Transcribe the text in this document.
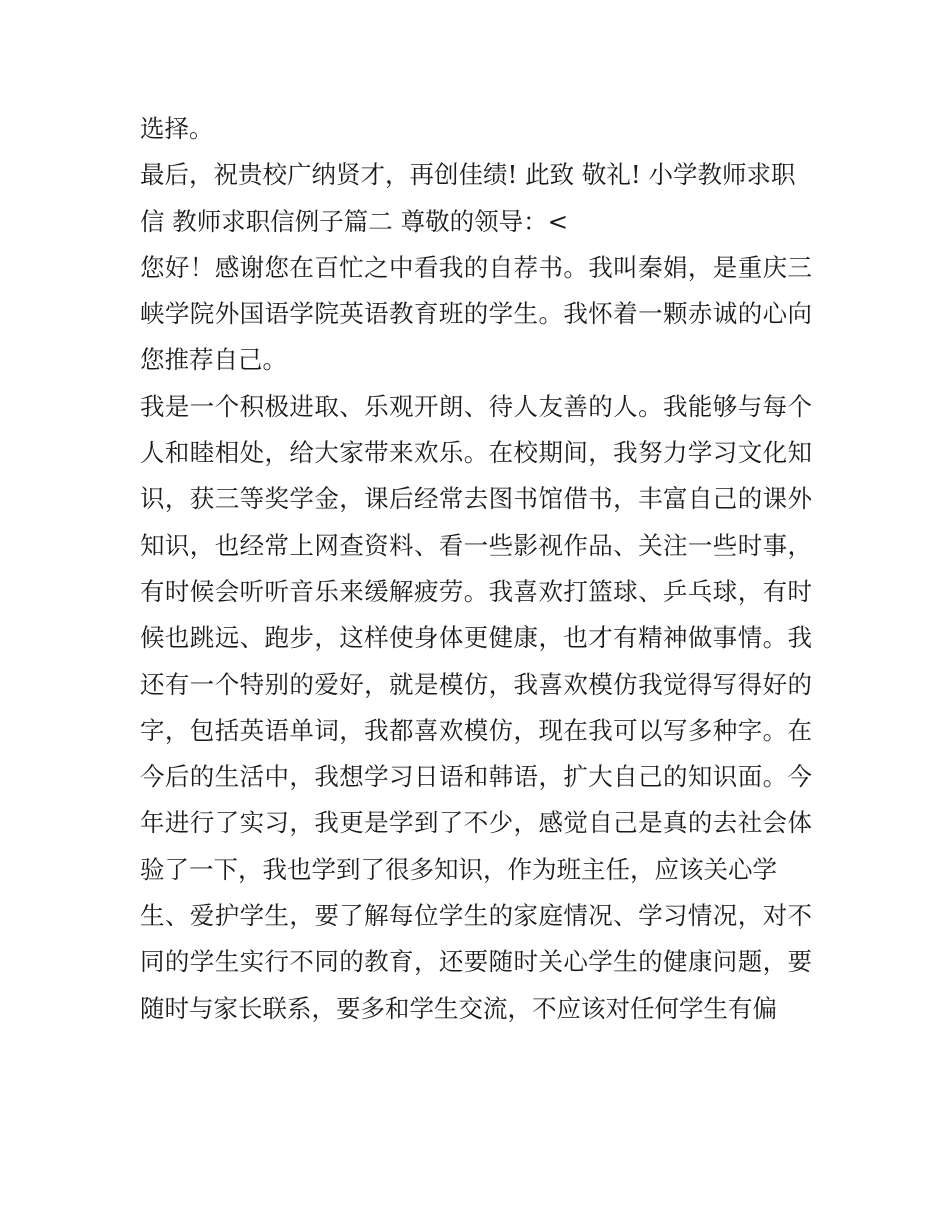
选择。
最后，祝贵校广纳贤才，再创佳绩! 此致 敬礼! 小学教师求职
信 教师求职信例子篇二 尊敬的领导：<
您好！感谢您在百忙之中看我的自荐书。我叫秦娟，是重庆三
峡学院外国语学院英语教育班的学生。我怀着一颗赤诚的心向
您推荐自己。
我是一个积极进取、乐观开朗、待人友善的人。我能够与每个
人和睦相处，给大家带来欢乐。在校期间，我努力学习文化知
识，获三等奖学金，课后经常去图书馆借书，丰富自己的课外
知识，也经常上网查资料、看一些影视作品、关注一些时事，
有时候会听听音乐来缓解疲劳。我喜欢打篮球、乒乓球，有时
候也跳远、跑步，这样使身体更健康，也才有精神做事情。我
还有一个特别的爱好，就是模仿，我喜欢模仿我觉得写得好的
字，包括英语单词，我都喜欢模仿，现在我可以写多种字。在
今后的生活中，我想学习日语和韩语，扩大自己的知识面。今
年进行了实习，我更是学到了不少，感觉自己是真的去社会体
验了一下，我也学到了很多知识，作为班主任，应该关心学
生、爱护学生，要了解每位学生的家庭情况、学习情况，对不
同的学生实行不同的教育，还要随时关心学生的健康问题，要
随时与家长联系，要多和学生交流，不应该对任何学生有偏
